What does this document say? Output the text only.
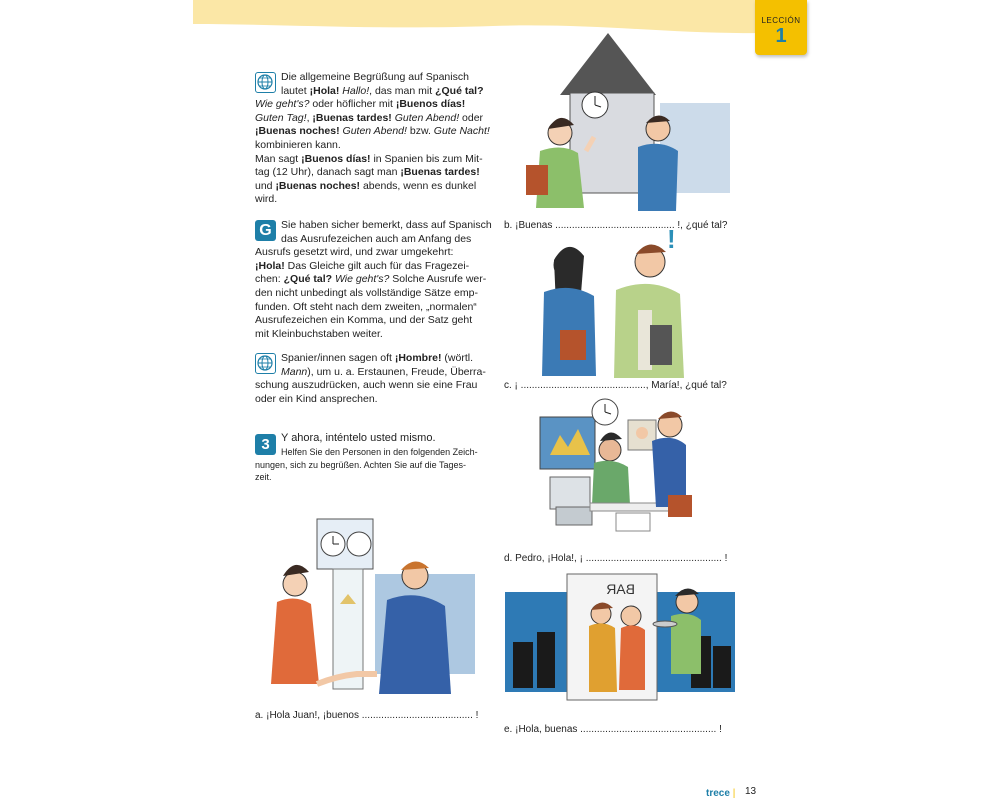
LECCIÓN
1
Die allgemeine Begrüßung auf Spanisch
lautet ¡Hola! Hallo!, das man mit ¿Qué tal?
Wie geht's? oder höflicher mit ¡Buenos días!
Guten Tag!, ¡Buenas tardes! Guten Abend! oder
¡Buenas noches! Guten Abend! bzw. Gute Nacht!
kombinieren kann.
Man sagt ¡Buenos días! in Spanien bis zum Mit-
tag (12 Uhr), danach sagt man ¡Buenas tardes!
und ¡Buenas noches! abends, wenn es dunkel
wird.
G Sie haben sicher bemerkt, dass auf Spanisch
das Ausrufezeichen auch am Anfang des
Ausrufs gesetzt wird, und zwar umgekehrt:
¡Hola! Das Gleiche gilt auch für das Fragezei-
chen: ¿Qué tal? Wie geht's? Solche Ausrufe wer-
den nicht unbedingt als vollständige Sätze emp-
funden. Oft steht nach dem zweiten, „normalen“
Ausrufezeichen ein Komma, und der Satz geht
mit Kleinbuchstaben weiter.
Spanier/innen sagen oft ¡Hombre! (wörtl.
Mann), um u. a. Erstaunen, Freude, Überra-
schung auszudrücken, auch wenn sie eine Frau
oder ein Kind ansprechen.
3	Y ahora, inténtelo usted mismo.
Helfen Sie den Personen in den folgenden Zeich-
nungen, sich zu begrüßen. Achten Sie auf die Tages-
zeit.
a. ¡Hola Juan!, ¡buenos ........................................ !
b. ¡Buenas ........................................... !, ¿qué tal?
!
c. ¡ ............................................., María!, ¿qué tal?
d. Pedro, ¡Hola!, ¡ ................................................. !
BAR
e. ¡Hola, buenas ................................................. !
trece | 13
